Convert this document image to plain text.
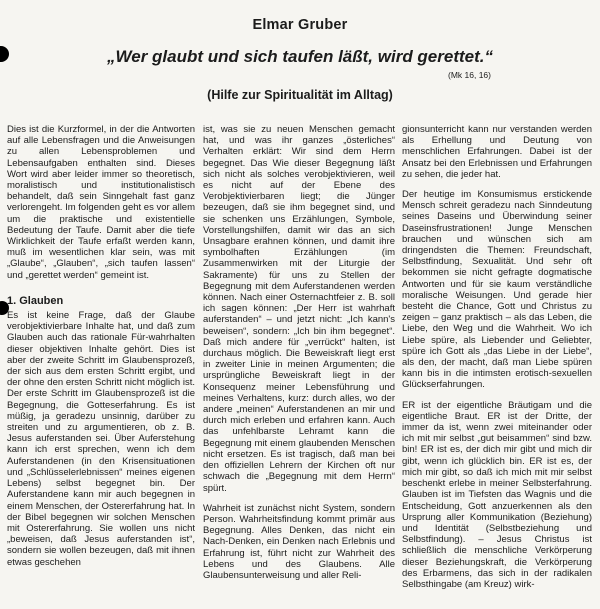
Elmar Gruber
„Wer glaubt und sich taufen läßt, wird gerettet.“
(Mk 16, 16)
(Hilfe zur Spiritualität im Alltag)

Dies ist die Kurzformel, in der die Antworten auf alle Lebensfragen und die Anweisungen zu allen Lebensproblemen und Lebensaufgaben enthalten sind. Dieses Wort wird aber leider immer so theoretisch, moralistisch und institutionalistisch behandelt, daß sein Sinngehalt fast ganz verlorengeht. Im folgenden geht es vor allem um die praktische und existentielle Bedeutung der Taufe. Damit aber die tiefe Wirklichkeit der Taufe erfaßt werden kann, muß im wesentlichen klar sein, was mit „Glaube“, „Glauben“, „sich taufen lassen“ und „gerettet werden“ gemeint ist.

1. Glauben

Es ist keine Frage, daß der Glaube verobjektivierbare Inhalte hat, und daß zum Glauben auch das rationale Für-wahrhalten dieser objektiven Inhalte gehört. Dies ist aber der zweite Schritt im Glaubensprozeß, der sich aus dem ersten Schritt ergibt, und der ohne den ersten Schritt nicht möglich ist. Der erste Schritt im Glaubensprozeß ist die Begegnung, die Gotteserfahrung. Es ist müßig, ja geradezu unsinnig, darüber zu streiten und zu argumentieren, ob z. B. Jesus auferstanden sei. Über Auferstehung kann ich erst sprechen, wenn ich dem Auferstandenen (in den Krisensituationen und „Schlüsselerlebnissen“ meines eigenen Lebens) selbst begegnet bin. Der Auferstandene kann mir auch begegnen in einem Menschen, der Ostererfahrung hat. In der Bibel begegnen wir solchen Menschen mit Ostererfahrung. Sie wollen uns nicht „beweisen, daß Jesus auferstanden ist“, sondern sie wollen bezeugen, daß mit ihnen etwas geschehen

ist, was sie zu neuen Menschen gemacht hat, und was ihr ganzes „österliches“ Verhalten erklärt: Wir sind dem Herrn begegnet. Das Wie dieser Begegnung läßt sich nicht als solches verobjektivieren, weil es nicht auf der Ebene des Verobjektivierbaren liegt; die Jünger bezeugen, daß sie ihm begegnet sind, und sie schenken uns Erzählungen, Symbole, Vorstellungshilfen, damit wir das an sich Unsagbare erahnen können, und damit ihre symbolhaften Erzählungen (im Zusammenwirken mit der Liturgie der Sakramente) für uns zu Stellen der Begegnung mit dem Auferstandenen werden können. Nach einer Osternachtfeier z. B. soll ich sagen können: „Der Herr ist wahrhaft auferstanden“ – und jetzt nicht: „Ich kann's beweisen“, sondern: „Ich bin ihm begegnet“. Daß mich andere für „verrückt“ halten, ist durchaus möglich. Die Beweiskraft liegt erst in zweiter Linie in meinen Argumenten; die ursprüngliche Beweiskraft liegt in der Konsequenz meiner Lebensführung und meines Verhaltens, kurz: durch alles, wo der andere „meinen“ Auferstandenen an mir und durch mich erleben und erfahren kann. Auch das unfehlbarste Lehramt kann die Begegnung mit einem glaubenden Menschen nicht ersetzen. Es ist tragisch, daß man bei den offiziellen Lehrern der Kirchen oft nur schwach die „Begegnung mit dem Herrn“ spürt.

Wahrheit ist zunächst nicht System, sondern Person. Wahrheitsfindung kommt primär aus Begegnung. Alles Denken, das nicht ein Nach-Denken, ein Denken nach Erlebnis und Erfahrung ist, führt nicht zur Wahrheit des Lebens und des Glaubens. Alle Glaubensunterweisung und aller Reli-

gionsunterricht kann nur verstanden werden als Erhellung und Deutung von menschlichen Erfahrungen. Dabei ist der Ansatz bei den Erlebnissen und Erfahrungen zu sehen, die jeder hat.

Der heutige im Konsumismus erstickende Mensch schreit geradezu nach Sinndeutung seines Daseins und Überwindung seiner Daseinsfrustrationen! Junge Menschen brauchen und wünschen sich am dringendsten die Themen: Freundschaft, Selbstfindung, Sexualität. Und sehr oft bekommen sie nicht gefragte dogmatische Antworten und für sie kaum verständliche moralische Weisungen. Und gerade hier besteht die Chance, Gott und Christus zu zeigen – ganz praktisch – als das Leben, die Liebe, den Weg und die Wahrheit. Wo ich Liebe spüre, als Liebender und Geliebter, spüre ich Gott als „das Liebe in der Liebe“, als den, der macht, daß man Liebe spüren kann bis in die intimsten erotisch-sexuellen Glückserfahrungen.

ER ist der eigentliche Bräutigam und die eigentliche Braut. ER ist der Dritte, der immer da ist, wenn zwei miteinander oder ich mit mir selbst „gut beisammen“ sind bzw. bin! ER ist es, der dich mir gibt und mich dir gibt, wenn ich glücklich bin. ER ist es, der mich mir gibt, so daß ich mich mit mir selbst beschenkt erlebe in meiner Selbsterfahrung. Glauben ist im Tiefsten das Wagnis und die Entscheidung, Gott anzuerkennen als den Ursprung aller Kommunikation (Beziehung) und Identität (Selbstbeziehung und Selbstfindung). – Jesus Christus ist schließlich die menschliche Verkörperung dieser Beziehungskraft, die Verkörperung des Erbarmens, das sich in der radikalen Selbsthingabe (am Kreuz) wirk-
